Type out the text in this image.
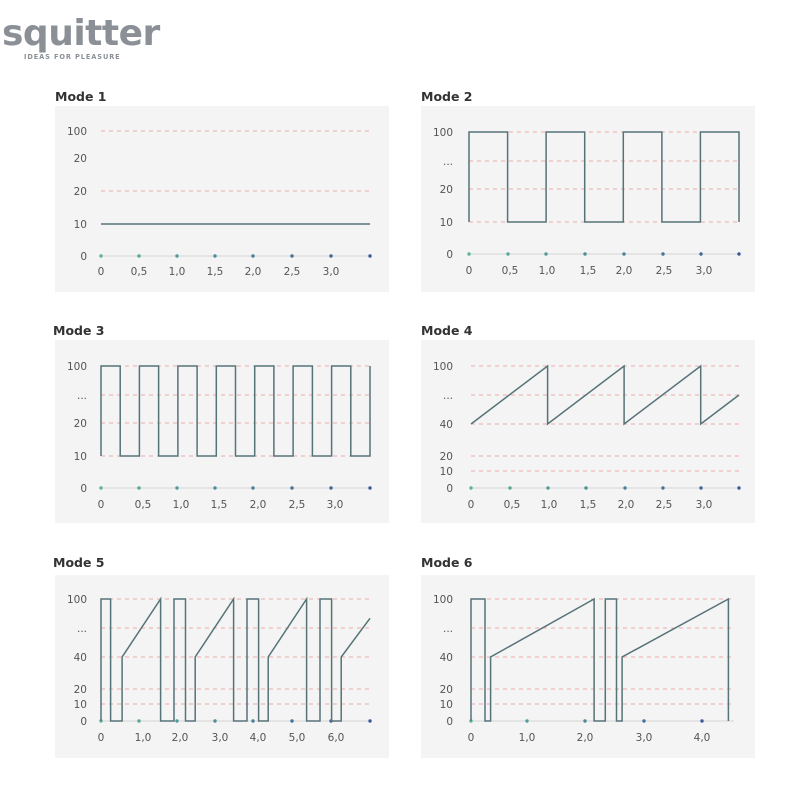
squitter
IDEAS FOR PLEASURE
Mode 1	Mode 2
Mode 3	Mode 4
Mode 5	Mode 6
0
10
20
20
100
0	0,5 1,0 1,5 2,0 2,5 3,0
0
10
20
...
100
0	0,5 1,0 1,5 2,0 2,5 3,0
0
10
20
...
100
0	0,5 1,0 1,5 2,0 2,5 3,0
0
10
20
40
...
100
0	0,5 1,0 1,5 2,0 2,5 3,0
0
10
20
40
...
100
0	1,0 2,0 3,0 4,0 5,0 6,0
0
10
20
40
...
100
0	1,0	2,0	3,0	4,0
